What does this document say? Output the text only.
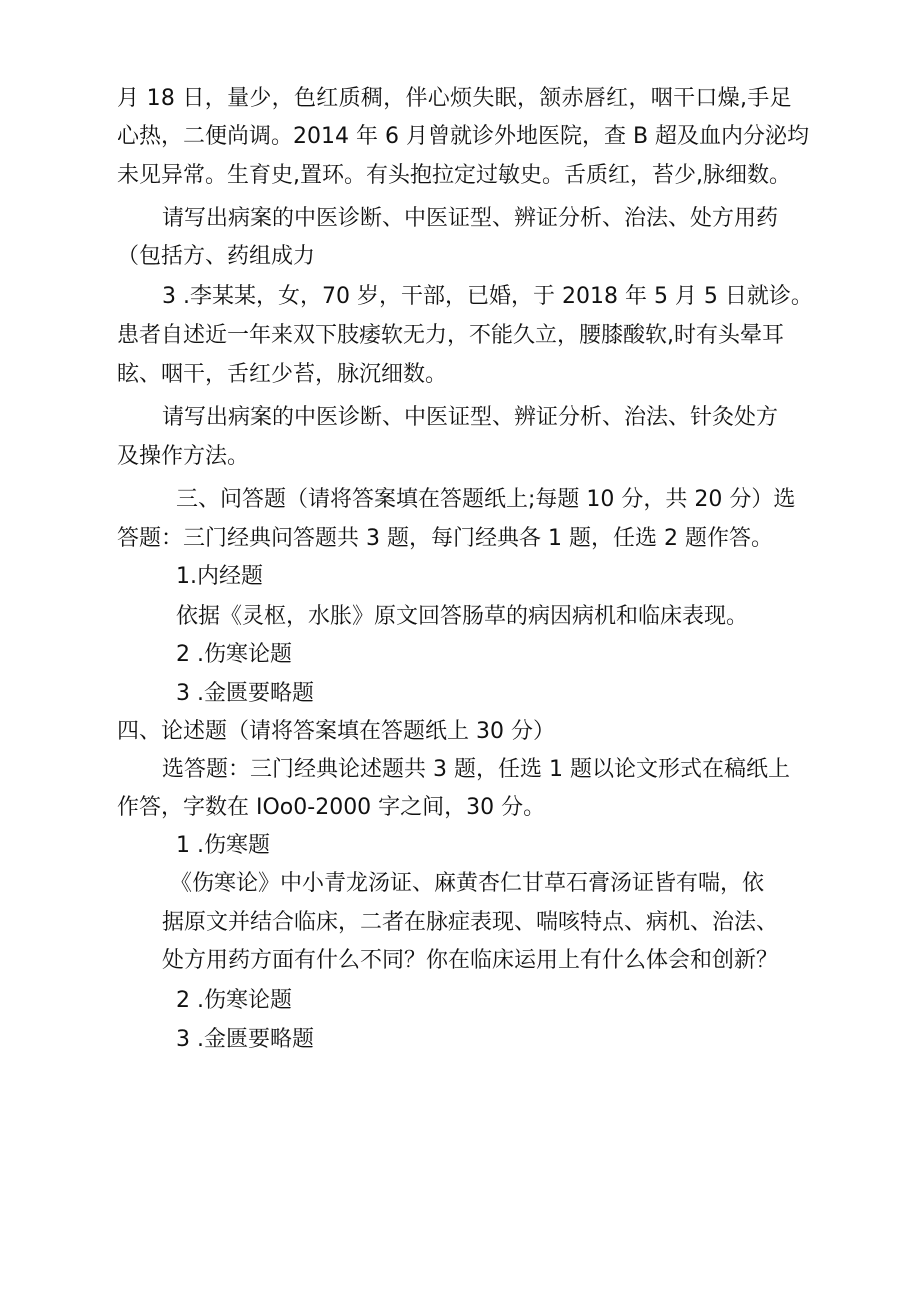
月 18 日，量少，色红质稠，伴心烦失眠，颔赤唇红，咽干口燥,手足
心热，二便尚调。2014 年 6 月曾就诊外地医院，查 B 超及血内分泌均
未见异常。生育史,置环。有头抱拉定过敏史。舌质红，苔少,脉细数。
请写出病案的中医诊断、中医证型、辨证分析、治法、处方用药
（包括方、药组成力
3 .李某某，女，70 岁，干部，已婚，于 2018 年 5 月 5 日就诊。
患者自述近一年来双下肢痿软无力，不能久立，腰膝酸软,时有头晕耳
眩、咽干，舌红少苔，脉沉细数。
请写出病案的中医诊断、中医证型、辨证分析、治法、针灸处方
及操作方法。
三、问答题（请将答案填在答题纸上;每题 10 分，共 20 分）选
答题：三门经典问答题共 3 题，每门经典各 1 题，任选 2 题作答。
1.内经题
依据《灵枢，水胀》原文回答肠草的病因病机和临床表现。
2 .伤寒论题
3 .金匮要略题
四、论述题（请将答案填在答题纸上 30 分）
选答题：三门经典论述题共 3 题，任选 1 题以论文形式在稿纸上
作答，字数在 IOo0-2000 字之间，30 分。
1 .伤寒题
《伤寒论》中小青龙汤证、麻黄杏仁甘草石膏汤证皆有喘，依
据原文并结合临床，二者在脉症表现、喘咳特点、病机、治法、
处方用药方面有什么不同？你在临床运用上有什么体会和创新？
2 .伤寒论题
3 .金匮要略题
